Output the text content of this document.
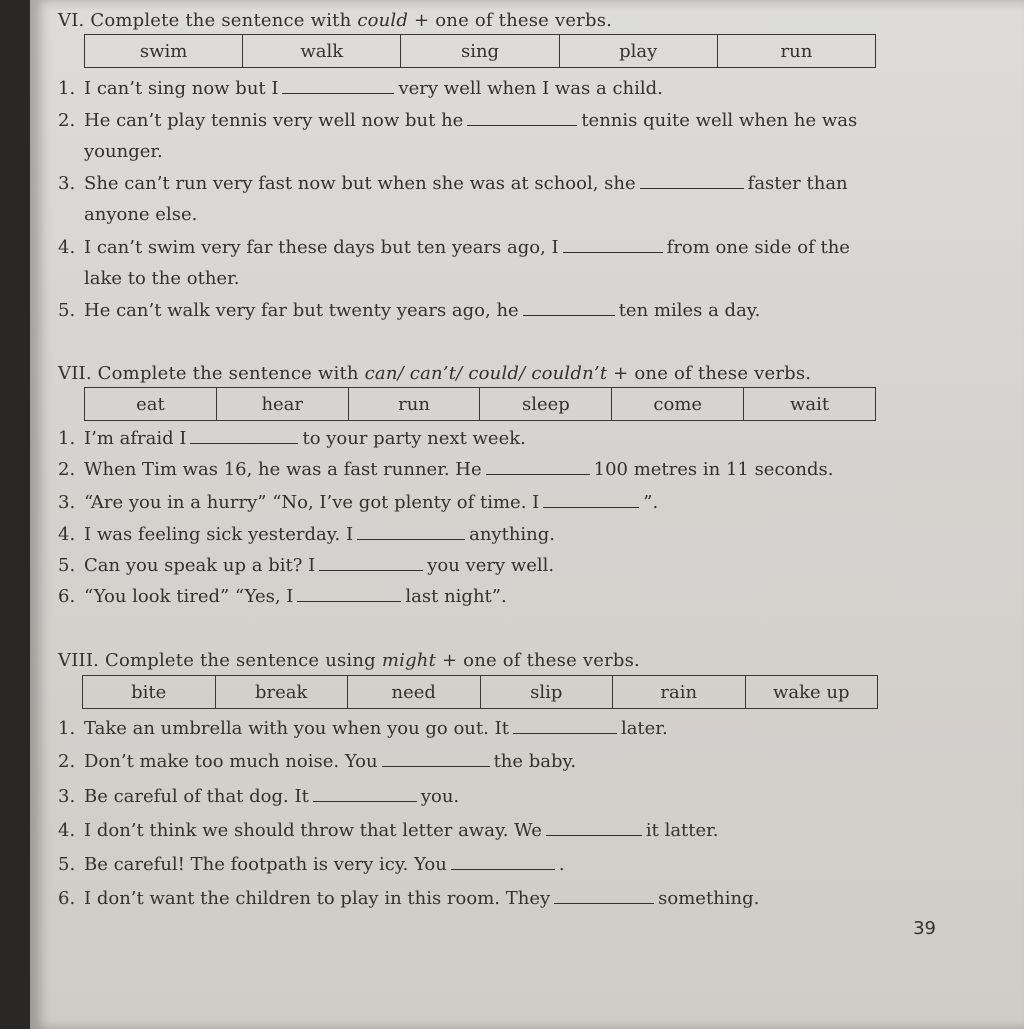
VI. Complete the sentence with could + one of these verbs.
swim	walk	sing	play	run
1. I can’t sing now but I	very well when I was a child.
2. He can’t play tennis very well now but he	tennis quite well when he was
younger.
3. She can’t run very fast now but when she was at school, she	faster than
anyone else.
4. I can’t swim very far these days but ten years ago, I	from one side of the
lake to the other.
5. He can’t walk very far but twenty years ago, he	ten miles a day.
VII. Complete the sentence with can/ can’t/ could/ couldn’t + one of these verbs.
eat	hear	run	sleep	come	wait
1. I’m afraid I	to your party next week.
2. When Tim was 16, he was a fast runner. He	100 metres in 11 seconds.
3. “Are you in a hurry” “No, I’ve got plenty of time. I	”.
4. I was feeling sick yesterday. I	anything.
5. Can you speak up a bit? I	you very well.
6. “You look tired” “Yes, I	last night”.
VIII. Complete the sentence using might + one of these verbs.
bite	break	need	slip	rain	wake up
1. Take an umbrella with you when you go out. It	later.
2. Don’t make too much noise. You	the baby.
3. Be careful of that dog. It	you.
4. I don’t think we should throw that letter away. We	it latter.
5. Be careful! The footpath is very icy. You	.
6. I don’t want the children to play in this room. They	something.
39
